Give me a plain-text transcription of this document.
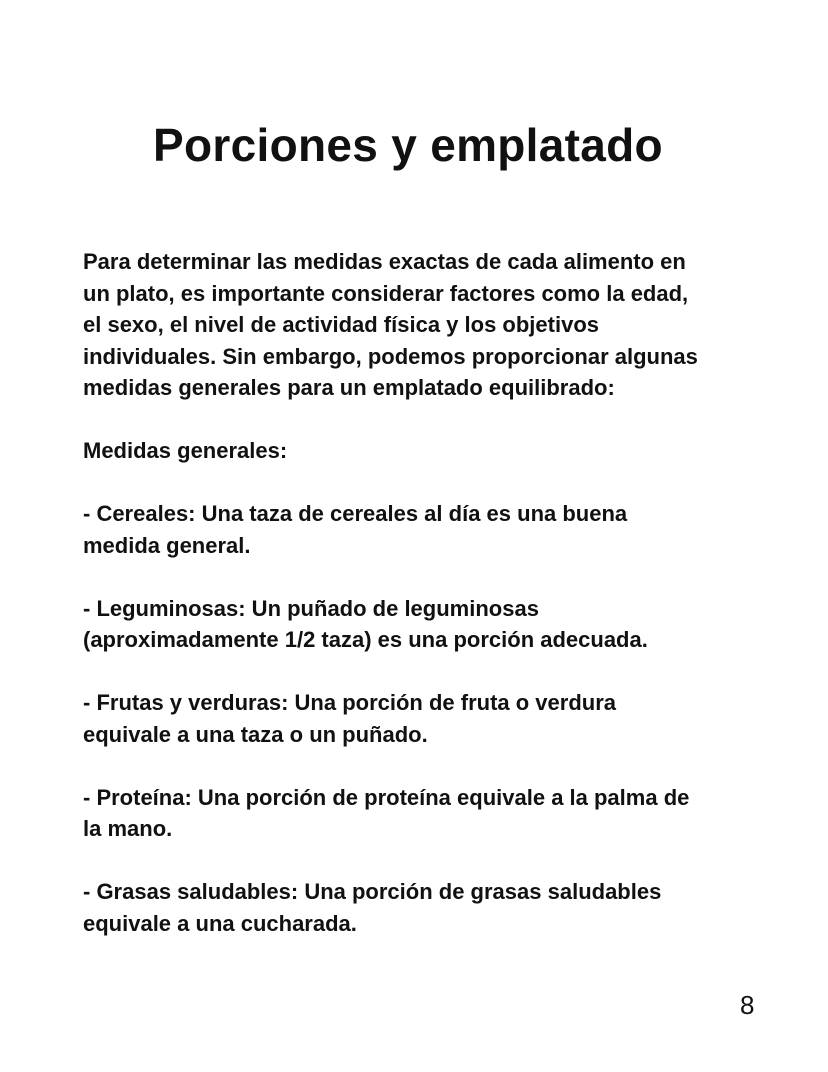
Porciones y emplatado

Para determinar las medidas exactas de cada alimento en
un plato, es importante considerar factores como la edad,
el sexo, el nivel de actividad física y los objetivos
individuales. Sin embargo, podemos proporcionar algunas
medidas generales para un emplatado equilibrado:

Medidas generales:

- Cereales: Una taza de cereales al día es una buena
medida general.

- Leguminosas: Un puñado de leguminosas
(aproximadamente 1/2 taza) es una porción adecuada.

- Frutas y verduras: Una porción de fruta o verdura
equivale a una taza o un puñado.

- Proteína: Una porción de proteína equivale a la palma de
la mano.

- Grasas saludables: Una porción de grasas saludables
equivale a una cucharada.

8
